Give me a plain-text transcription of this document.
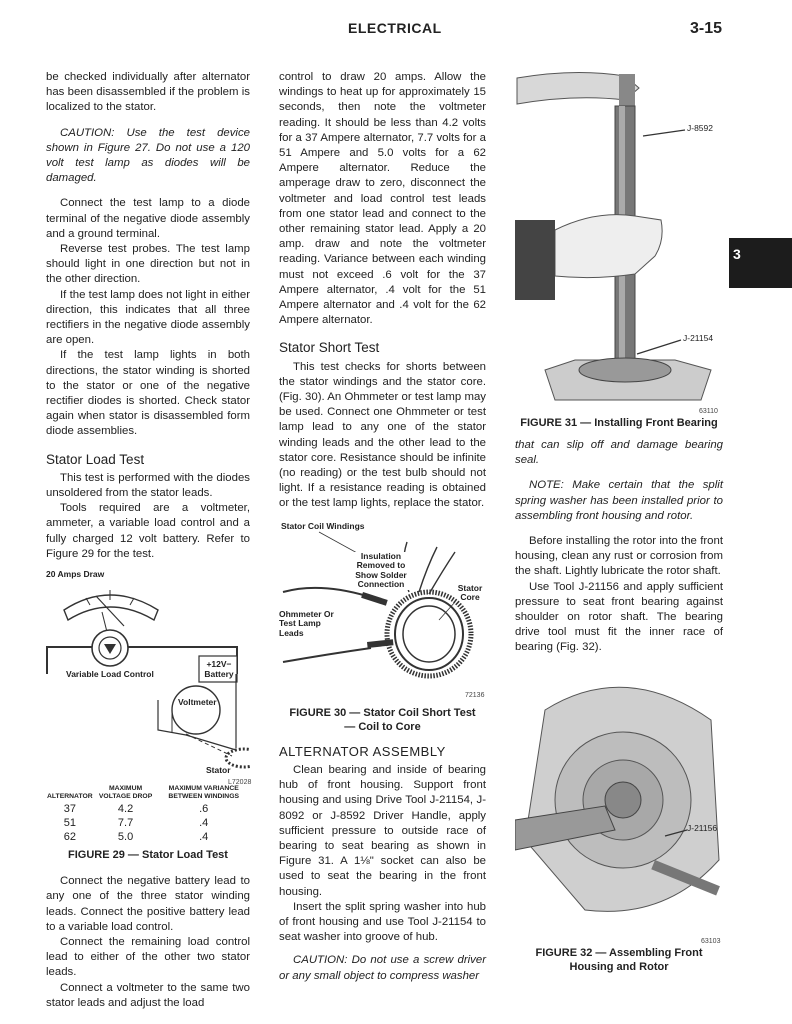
ELECTRICAL	3-15
3

be checked individually after alternator has been disassembled if the problem is localized to the stator.

CAUTION: Use the test device shown in Figure 27. Do not use a 120 volt test lamp as diodes will be damaged.

Connect the test lamp to a diode terminal of the negative diode assembly and a ground terminal.

Reverse test probes. The test lamp should light in one direction but not in the other direction.

If the test lamp does not light in either direction, this indicates that all three rectifiers in the negative diode assembly are open.

If the test lamp lights in both directions, the stator winding is shorted to the stator or one of the negative rectifier diodes is shorted. Check stator again when stator is disassembled form diode assemblies.

Stator Load Test

This test is performed with the diodes unsoldered from the stator leads.

Tools required are a voltmeter, ammeter, a variable load control and a fully charged 12 volt battery. Refer to Figure 29 for the test.

20 Amps Draw
+12V− Battery
Variable Load Control
Voltmeter
Stator
L72028
ALTERNATOR	MAXIMUM VOLTAGE DROP	MAXIMUM VARIANCE BETWEEN WINDINGS
37	4.2	.6
51	7.7	.4
62	5.0	.4
FIGURE 29 — Stator Load Test

Connect the negative battery lead to any one of the three stator winding leads. Connect the positive battery lead to a variable load control.

Connect the remaining load control lead to either of the other two stator leads.

Connect a voltmeter to the same two stator leads and adjust the load

control to draw 20 amps. Allow the windings to heat up for approximately 15 seconds, then note the voltmeter reading. It should be less than 4.2 volts for a 37 Ampere alternator, 7.7 volts for a 51 Ampere and 5.0 volts for a 62 Ampere alternator. Reduce the amperage draw to zero, disconnect the voltmeter and load control test leads from one stator lead and connect to the other remaining stator lead. Apply a 20 amp. draw and note the voltmeter reading. Variance between each winding must not exceed .6 volt for the 37 Ampere alternator, .4 volt for the 51 Ampere alternator and .4 volt for the 62 Ampere alternator.

Stator Short Test

This test checks for shorts between the stator windings and the stator core. (Fig. 30). An Ohmmeter or test lamp may be used. Connect one Ohmmeter or test lamp lead to any one of the stator winding leads and the other lead to the stator core. Resistance should be infinite (no reading) or the test bulb should not light. If a resistance reading is obtained or the test lamp lights, replace the stator.

Stator Coil Windings
Insulation Removed to Show Solder Connection	Stator Core
Ohmmeter Or Test Lamp Leads
72136
FIGURE 30 — Stator Coil Short Test — Coil to Core
ALTERNATOR ASSEMBLY

Clean bearing and inside of bearing hub of front housing. Support front housing and using Drive Tool J-21154, J-8092 or J-8592 Driver Handle, apply sufficient pressure to outside race of bearing to seat bearing as shown in Figure 31. A 1⅛" socket can also be used to seat the bearing in the front housing.

Insert the split spring washer into hub of front housing and use Tool J-21154 to seat washer into groove of hub.

CAUTION: Do not use a screw driver or any small object to compress washer

J-8592
J-21154
63110
FIGURE 31 — Installing Front Bearing

that can slip off and damage bearing seal.

NOTE: Make certain that the split spring washer has been installed prior to assembling front housing and rotor.

Before installing the rotor into the front housing, clean any rust or corrosion from the shaft. Lightly lubricate the rotor shaft.

Use Tool J-21156 and apply sufficient pressure to seat front bearing against shoulder on rotor shaft. The bearing drive tool must fit the inner race of bearing (Fig. 32).

J-21156
63103
FIGURE 32 — Assembling Front Housing and Rotor
